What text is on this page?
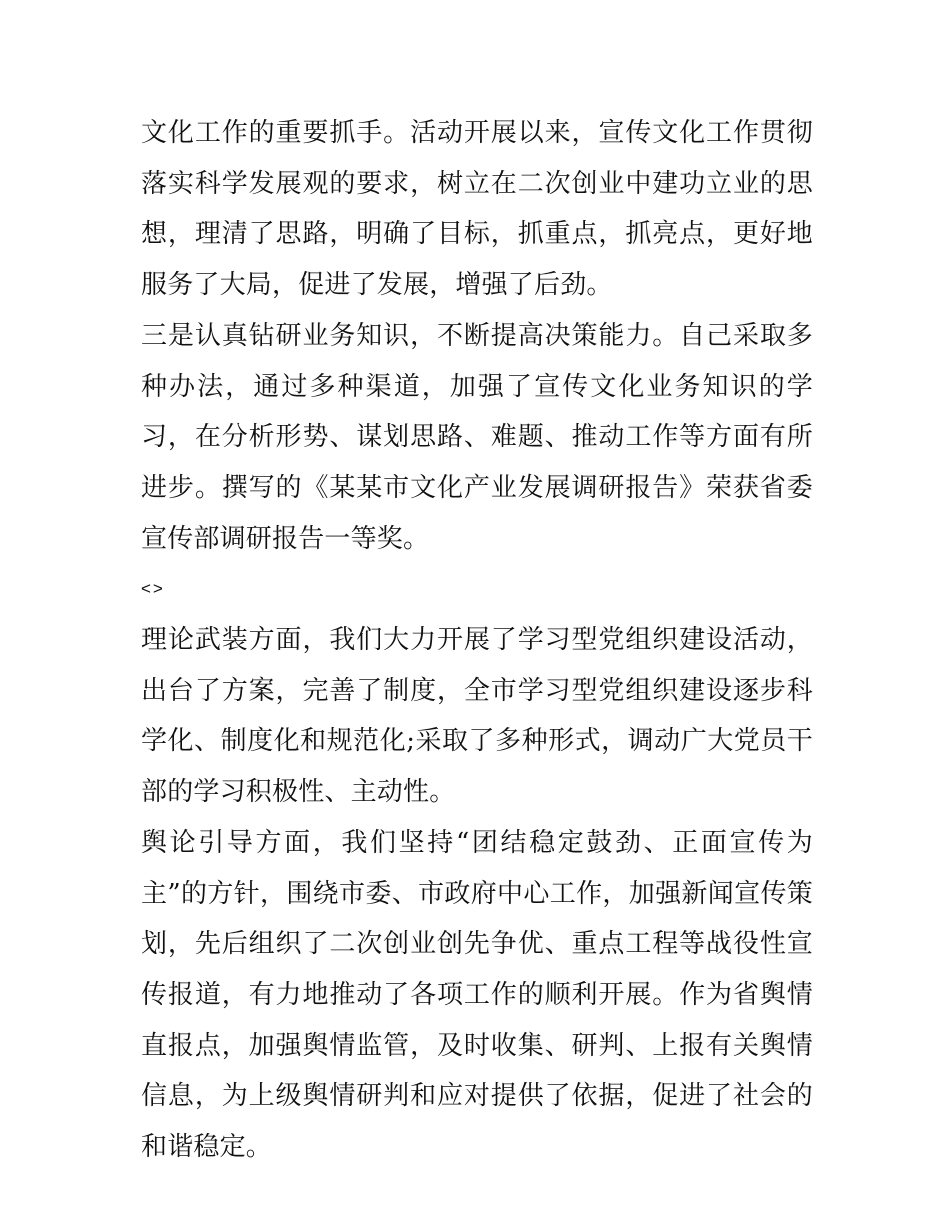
文化工作的重要抓手。活动开展以来，宣传文化工作贯彻落实科学发展观的要求，树立在二次创业中建功立业的思想，理清了思路，明确了目标，抓重点，抓亮点，更好地服务了大局，促进了发展，增强了后劲。

三是认真钻研业务知识，不断提高决策能力。自己采取多种办法，通过多种渠道，加强了宣传文化业务知识的学习，在分析形势、谋划思路、难题、推动工作等方面有所进步。撰写的《某某市文化产业发展调研报告》荣获省委宣传部调研报告一等奖。

<>

理论武装方面，我们大力开展了学习型党组织建设活动，出台了方案，完善了制度，全市学习型党组织建设逐步科学化、制度化和规范化;采取了多种形式，调动广大党员干部的学习积极性、主动性。

舆论引导方面，我们坚持“团结稳定鼓劲、正面宣传为主”的方针，围绕市委、市政府中心工作，加强新闻宣传策划，先后组织了二次创业创先争优、重点工程等战役性宣传报道，有力地推动了各项工作的顺利开展。作为省舆情直报点，加强舆情监管，及时收集、研判、上报有关舆情信息，为上级舆情研判和应对提供了依据，促进了社会的和谐稳定。
